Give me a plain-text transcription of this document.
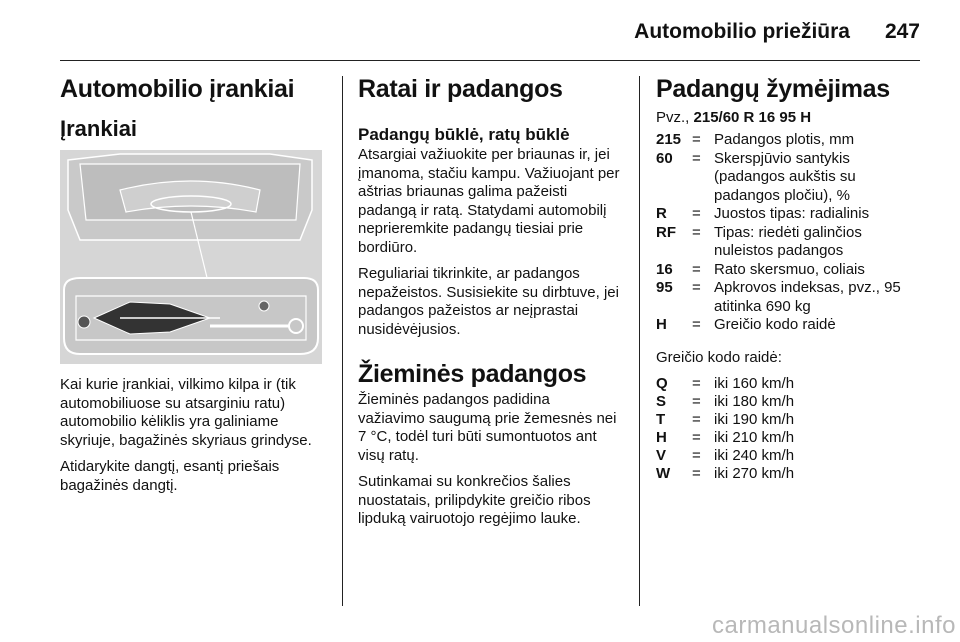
Automobilio priežiūra 247
Automobilio įrankiai
Įrankiai

Kai kurie įrankiai, vilkimo kilpa ir (tik automobiliuose su atsarginiu ratu) automobilio kėliklis yra galiniame skyriuje, bagažinės skyriaus grindyse.

Atidarykite dangtį, esantį priešais bagažinės dangtį.

Ratai ir padangos
Padangų būklė, ratų būklė

Atsargiai važiuokite per briaunas ir, jei įmanoma, stačiu kampu. Važiuojant per aštrias briaunas galima pažeisti padangą ir ratą. Statydami automobilį neprieremkite padangų tiesiai prie bordiūro.

Reguliariai tikrinkite, ar padangos nepažeistos. Susisiekite su dirbtuve, jei padangos pažeistos ar neįprastai nusidėvėjusios.

Žieminės padangos

Žieminės padangos padidina važiavimo saugumą prie žemesnės nei 7 °C, todėl turi būti sumontuotos ant visų ratų.

Sutinkamai su konkrečios šalies nuostatais, prilipdykite greičio ribos lipduką vairuotojo regėjimo lauke.

Padangų žymėjimas
Pvz., 215/60 R 16 95 H
215 = Padangos plotis, mm
60	= Skerspjūvio santykis (padangos aukštis su padangos pločiu), %
R	= Juostos tipas: radialinis
RF	= Tipas: riedėti galinčios nuleistos padangos
16	= Rato skersmuo, coliais
95	= Apkrovos indeksas, pvz., 95 atitinka 690 kg
H	= Greičio kodo raidė

Greičio kodo raidė:

Q	= iki 160 km/h
S	= iki 180 km/h
T	= iki 190 km/h
H	= iki 210 km/h
V	= iki 240 km/h
W	= iki 270 km/h
carmanualsonline.info
